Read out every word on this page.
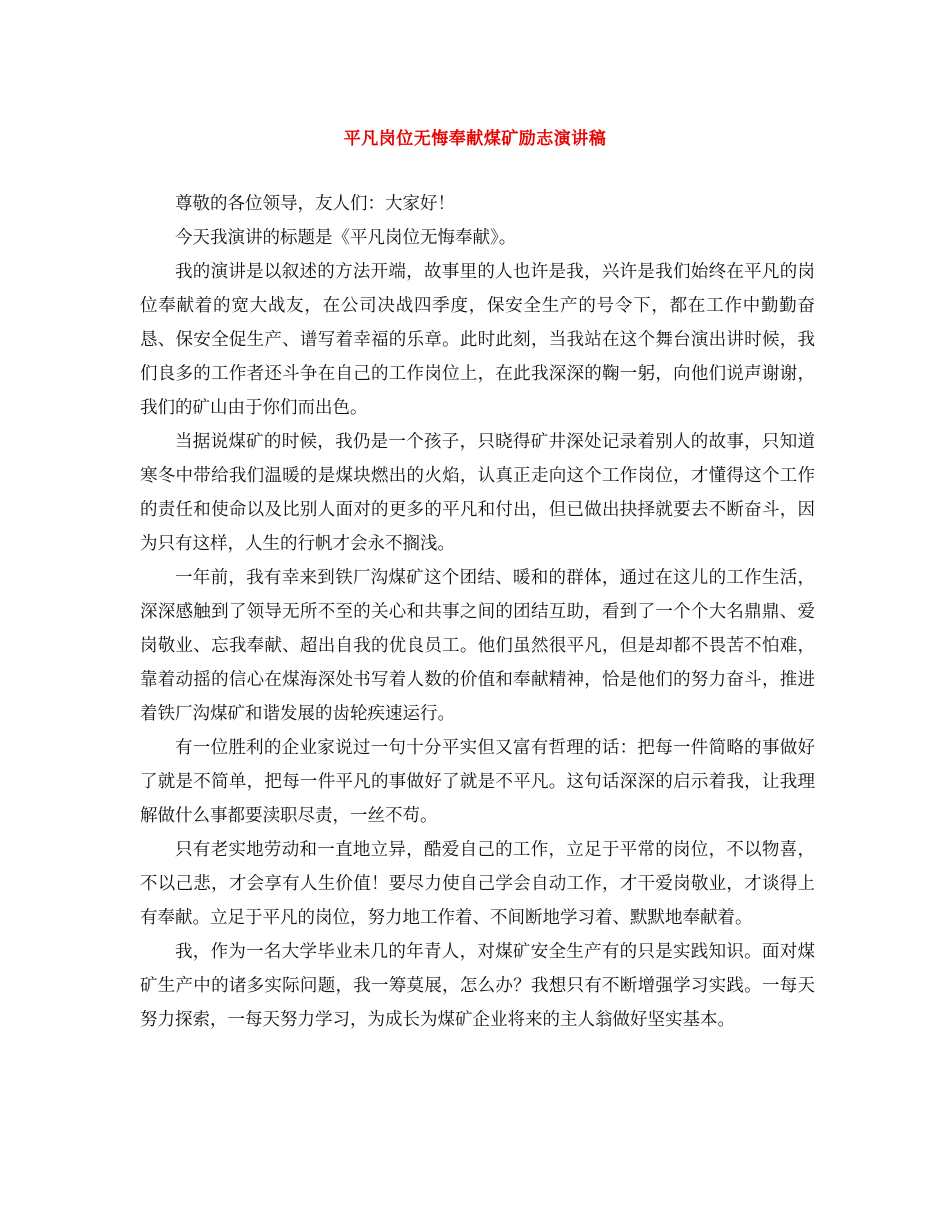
平凡岗位无悔奉献煤矿励志演讲稿

尊敬的各位领导，友人们：大家好！

今天我演讲的标题是《平凡岗位无悔奉献》。

我的演讲是以叙述的方法开端，故事里的人也许是我，兴许是我们始终在平凡的岗位奉献着的宽大战友，在公司决战四季度，保安全生产的号令下，都在工作中勤勤奋恳、保安全促生产、谱写着幸福的乐章。此时此刻，当我站在这个舞台演出讲时候，我们良多的工作者还斗争在自己的工作岗位上，在此我深深的鞠一躬，向他们说声谢谢，我们的矿山由于你们而出色。

当据说煤矿的时候，我仍是一个孩子，只晓得矿井深处记录着别人的故事，只知道寒冬中带给我们温暖的是煤块燃出的火焰，认真正走向这个工作岗位，才懂得这个工作的责任和使命以及比别人面对的更多的平凡和付出，但已做出抉择就要去不断奋斗，因为只有这样，人生的行帆才会永不搁浅。

一年前，我有幸来到铁厂沟煤矿这个团结、暖和的群体，通过在这儿的工作生活，深深感触到了领导无所不至的关心和共事之间的团结互助，看到了一个个大名鼎鼎、爱岗敬业、忘我奉献、超出自我的优良员工。他们虽然很平凡，但是却都不畏苦不怕难，靠着动摇的信心在煤海深处书写着人数的价值和奉献精神，恰是他们的努力奋斗，推进着铁厂沟煤矿和谐发展的齿轮疾速运行。

有一位胜利的企业家说过一句十分平实但又富有哲理的话：把每一件简略的事做好了就是不简单，把每一件平凡的事做好了就是不平凡。这句话深深的启示着我，让我理解做什么事都要渎职尽责，一丝不苟。

只有老实地劳动和一直地立异，酷爱自己的工作，立足于平常的岗位，不以物喜，不以己悲，才会享有人生价值！要尽力使自己学会自动工作，才干爱岗敬业，才谈得上有奉献。立足于平凡的岗位，努力地工作着、不间断地学习着、默默地奉献着。

我，作为一名大学毕业未几的年青人，对煤矿安全生产有的只是实践知识。面对煤矿生产中的诸多实际问题，我一筹莫展，怎么办？我想只有不断增强学习实践。一每天努力探索，一每天努力学习，为成长为煤矿企业将来的主人翁做好坚实基本。
